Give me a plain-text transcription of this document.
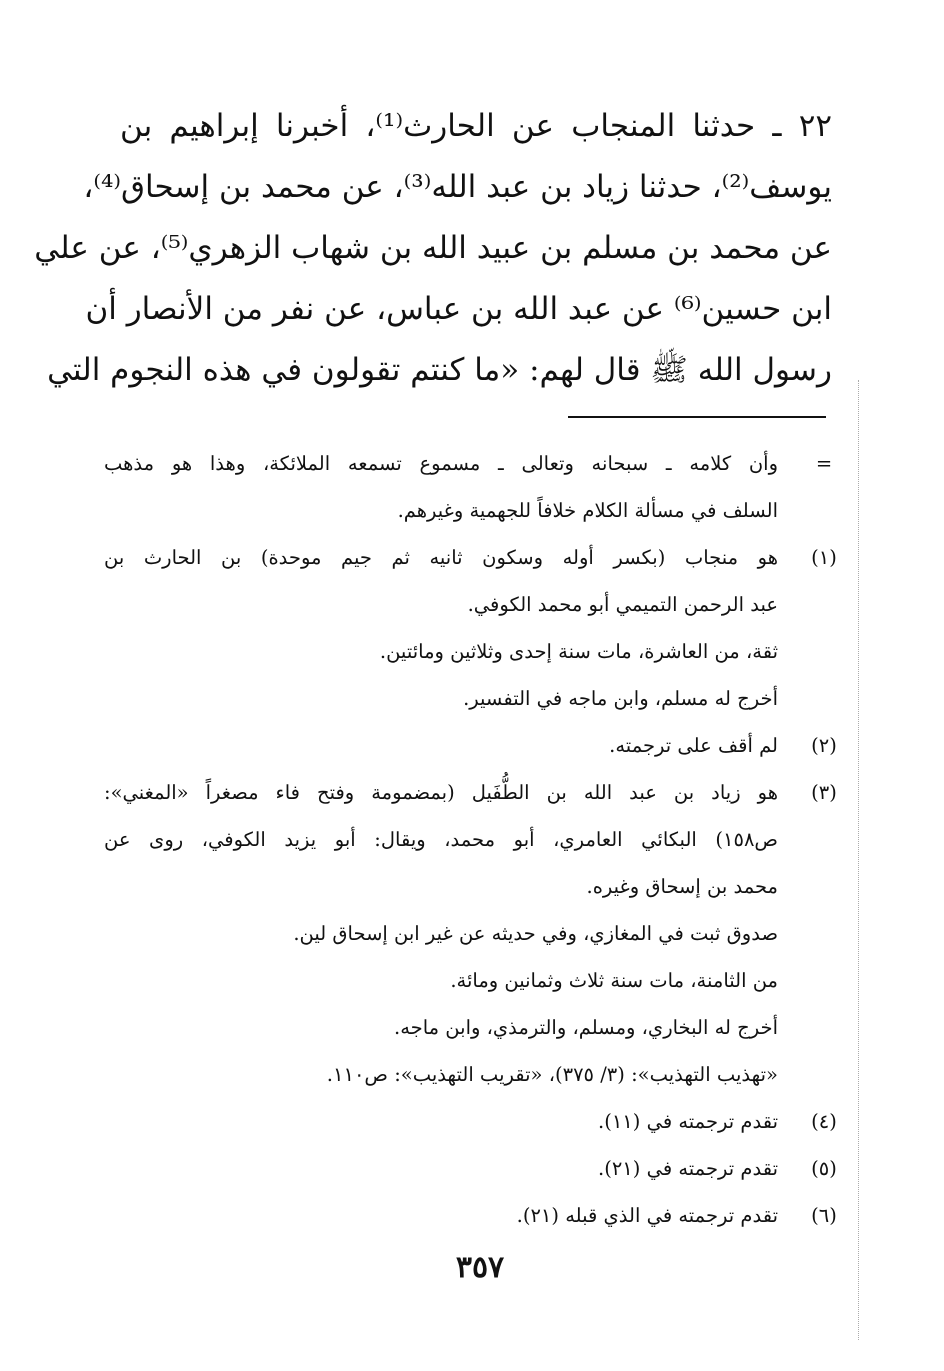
٢٢ ـ حدثنا المنجاب عن الحارث⁽¹⁾، أخبرنا إبراهيم بن
يوسف⁽²⁾، حدثنا زياد بن عبد الله⁽³⁾، عن محمد بن إسحاق⁽⁴⁾،
عن محمد بن مسلم بن عبيد الله بن شهاب الزهري⁽⁵⁾، عن علي
ابن حسين⁽⁶⁾ عن عبد الله بن عباس، عن نفر من الأنصار أن
رسول الله ﷺ قال لهم: «ما كنتم تقولون في هذه النجوم التي
=
وأن كلامه ـ سبحانه وتعالى ـ مسموع تسمعه الملائكة، وهذا هو مذهب
السلف في مسألة الكلام خلافاً للجهمية وغيرهم.
(١)
هو منجاب (بكسر أوله وسكون ثانيه ثم جيم موحدة) بن الحارث بن
عبد الرحمن التميمي أبو محمد الكوفي.
ثقة، من العاشرة، مات سنة إحدى وثلاثين ومائتين.
أخرج له مسلم، وابن ماجه في التفسير.
(٢)
لم أقف على ترجمته.
(٣)
هو زياد بن عبد الله بن الطُّفَيل (بمضمومة وفتح فاء مصغراً «المغني»:
ص١٥٨) البكائي العامري، أبو محمد، ويقال: أبو يزيد الكوفي، روى عن
محمد بن إسحاق وغيره.
صدوق ثبت في المغازي، وفي حديثه عن غير ابن إسحاق لين.
من الثامنة، مات سنة ثلاث وثمانين ومائة.
أخرج له البخاري، ومسلم، والترمذي، وابن ماجه.
«تهذيب التهذيب»: (٣/ ٣٧٥)، «تقريب التهذيب»: ص١١٠.
(٤)
تقدم ترجمته في (١١).
(٥)
تقدم ترجمته في (٢١).
(٦)
تقدم ترجمته في الذي قبله (٢١).
٣٥٧
